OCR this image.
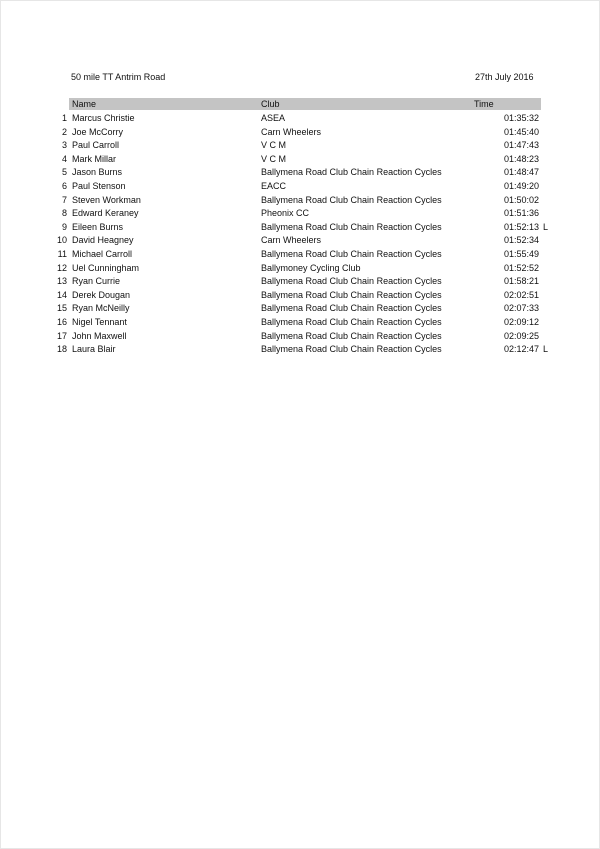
50 mile TT Antrim Road	27th July 2016
Name	Club	Time
1 Marcus Christie	ASEA	01:35:32
2 Joe McCorry	Carn Wheelers	01:45:40
3 Paul Carroll	V C M	01:47:43
4 Mark Millar	V C M	01:48:23
5 Jason Burns	Ballymena Road Club Chain Reaction Cycles	01:48:47
6 Paul Stenson	EACC	01:49:20
7 Steven Workman	Ballymena Road Club Chain Reaction Cycles	01:50:02
8 Edward Keraney	Pheonix CC	01:51:36
9 Eileen Burns	Ballymena Road Club Chain Reaction Cycles	01:52:13 L
10 David Heagney	Carn Wheelers	01:52:34
11 Michael Carroll	Ballymena Road Club Chain Reaction Cycles	01:55:49
12 Uel Cunningham	Ballymoney Cycling Club	01:52:52
13 Ryan Currie	Ballymena Road Club Chain Reaction Cycles	01:58:21
14 Derek Dougan	Ballymena Road Club Chain Reaction Cycles	02:02:51
15 Ryan McNeilly	Ballymena Road Club Chain Reaction Cycles	02:07:33
16 Nigel Tennant	Ballymena Road Club Chain Reaction Cycles	02:09:12
17 John Maxwell	Ballymena Road Club Chain Reaction Cycles	02:09:25
18 Laura Blair	Ballymena Road Club Chain Reaction Cycles	02:12:47 L
